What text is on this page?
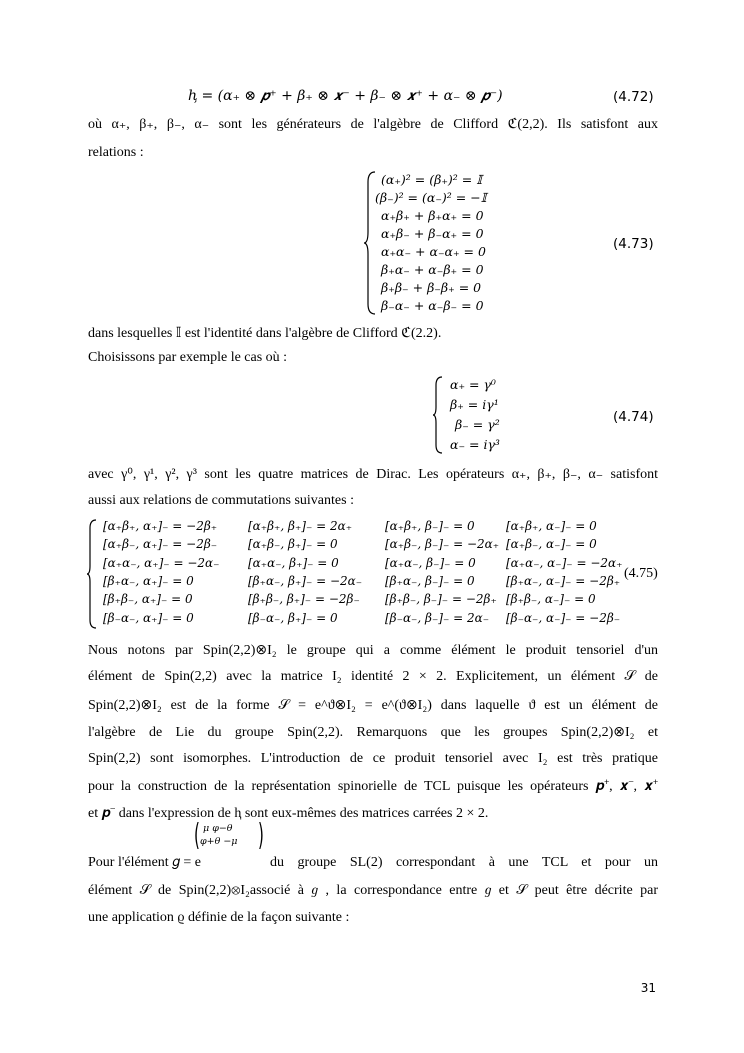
ⱨ = (α₊ ⊗ 𝒑⁺ + β₊ ⊗ 𝒙⁻ + β₋ ⊗ 𝒙⁺ + α₋ ⊗ 𝒑⁻)	(4.72)
où α₊, β₊, β₋, α₋ sont les générateurs de l'algèbre de Clifford ℭ(2,2). Ils satisfont aux
relations :
(α₊)² = (β₊)² = 𝕀
(β₋)² = (α₋)² = −𝕀
α₊β₊ + β₊α₊ = 0
α₊β₋ + β₋α₊ = 0
α₊α₋ + α₋α₊ = 0
β₊α₋ + α₋β₊ = 0
β₊β₋ + β₋β₊ = 0
β₋α₋ + α₋β₋ = 0
(4.73)
dans lesquelles 𝕀 est l'identité dans l'algèbre de Clifford ℭ(2.2).
Choisissons par exemple le cas où :
α₊ = γ⁰
β₊ = iγ¹
β₋ = γ²
α₋ = iγ³
(4.74)
avec γ⁰, γ¹, γ², γ³ sont les quatre matrices de Dirac. Les opérateurs α₊, β₊, β₋, α₋ satisfont
aussi aux relations de commutations suivantes :
[α₊β₊, α₊]₋ = −2β₊	[α₊β₊, β₊]₋ = 2α₊	[α₊β₊, β₋]₋ = 0	[α₊β₊, α₋]₋ = 0
[α₊β₋, α₊]₋ = −2β₋	[α₊β₋, β₊]₋ = 0	[α₊β₋, β₋]₋ = −2α₊ [α₊β₋, α₋]₋ = 0
[α₊α₋, α₊]₋ = −2α₋ [α₊α₋, β₊]₋ = 0	[α₊α₋, β₋]₋ = 0	[α₊α₋, α₋]₋ = −2α₊
[β₊α₋, α₊]₋ = 0	[β₊α₋, β₊]₋ = −2α₋ [β₊α₋, β₋]₋ = 0	[β₊α₋, α₋]₋ = −2β₊
[β₊β₋, α₊]₋ = 0	[β₊β₋, β₊]₋ = −2β₋ [β₊β₋, β₋]₋ = −2β₊ [β₊β₋, α₋]₋ = 0
[β₋α₋, α₊]₋ = 0	[β₋α₋, β₊]₋ = 0	[β₋α₋, β₋]₋ = 2α₋ [β₋α₋, α₋]₋ = −2β₋
(4.75)
Nous notons par Spin(2,2)⊗I₂ le groupe qui a comme élément le produit tensoriel d'un
élément de Spin(2,2) avec la matrice I₂ identité 2 × 2. Explicitement, un élément 𝒮 de
Spin(2,2)⊗I₂ est de la forme 𝒮 = e^ϑ⊗I₂ = e^(ϑ⊗I₂) dans laquelle ϑ est un élément de
l'algèbre de Lie du groupe Spin(2,2). Remarquons que les groupes Spin(2,2)⊗I₂ et
Spin(2,2) sont isomorphes. L'introduction de ce produit tensoriel avec I₂ est très pratique
pour la construction de la représentation spinorielle de TCL puisque les opérateurs 𝒑⁺, 𝒙⁻, 𝒙⁺
et 𝒑⁻ dans l'expression de ⱨ sont eux-mêmes des matrices carrées 2 × 2.
μ φ−θ
φ+θ −μ
( )
Pour l'élément 𝑔 = e	du groupe SL(2) correspondant à une TCL et pour un
élément 𝒮 de Spin(2,2)⊗I₂associé à 𝑔 , la correspondance entre 𝑔 et 𝒮 peut être décrite par
une application ϱ définie de la façon suivante :
31
